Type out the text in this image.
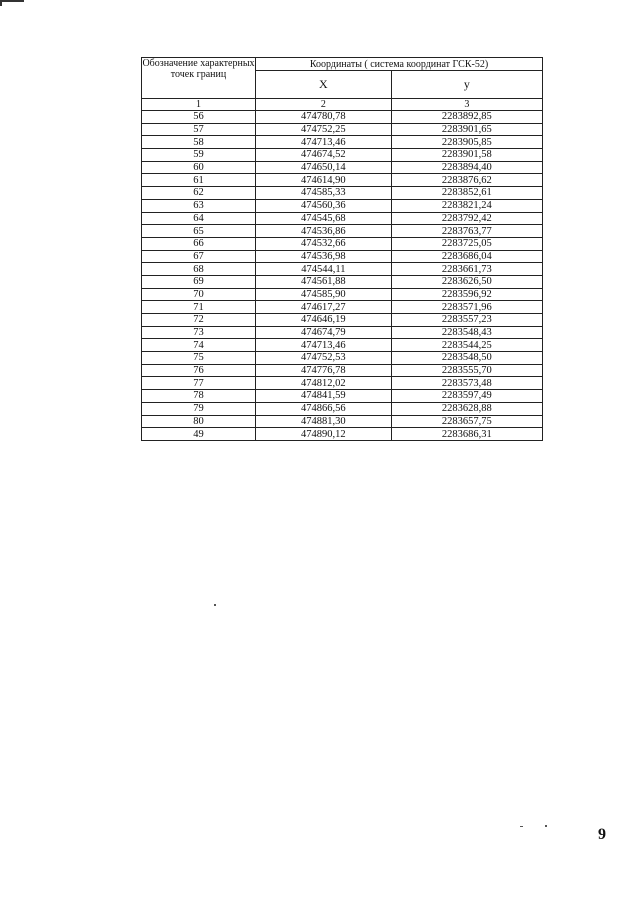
Обозначение характерных точек границ	Координаты ( система координат ГСК-52)	
	X	у
1	2	3
56	474780,78	2283892,85
57	474752,25	2283901,65
58	474713,46	2283905,85
59	474674,52	2283901,58
60	474650,14	2283894,40
61	474614,90	2283876,62
62	474585,33	2283852,61
63	474560,36	2283821,24
64	474545,68	2283792,42
65	474536,86	2283763,77
66	474532,66	2283725,05
67	474536,98	2283686,04
68	474544,11	2283661,73
69	474561,88	2283626,50
70	474585,90	2283596,92
71	474617,27	2283571,96
72	474646,19	2283557,23
73	474674,79	2283548,43
74	474713,46	2283544,25
75	474752,53	2283548,50
76	474776,78	2283555,70
77	474812,02	2283573,48
78	474841,59	2283597,49
79	474866,56	2283628,88
80	474881,30	2283657,75
49	474890,12	2283686,31
9
